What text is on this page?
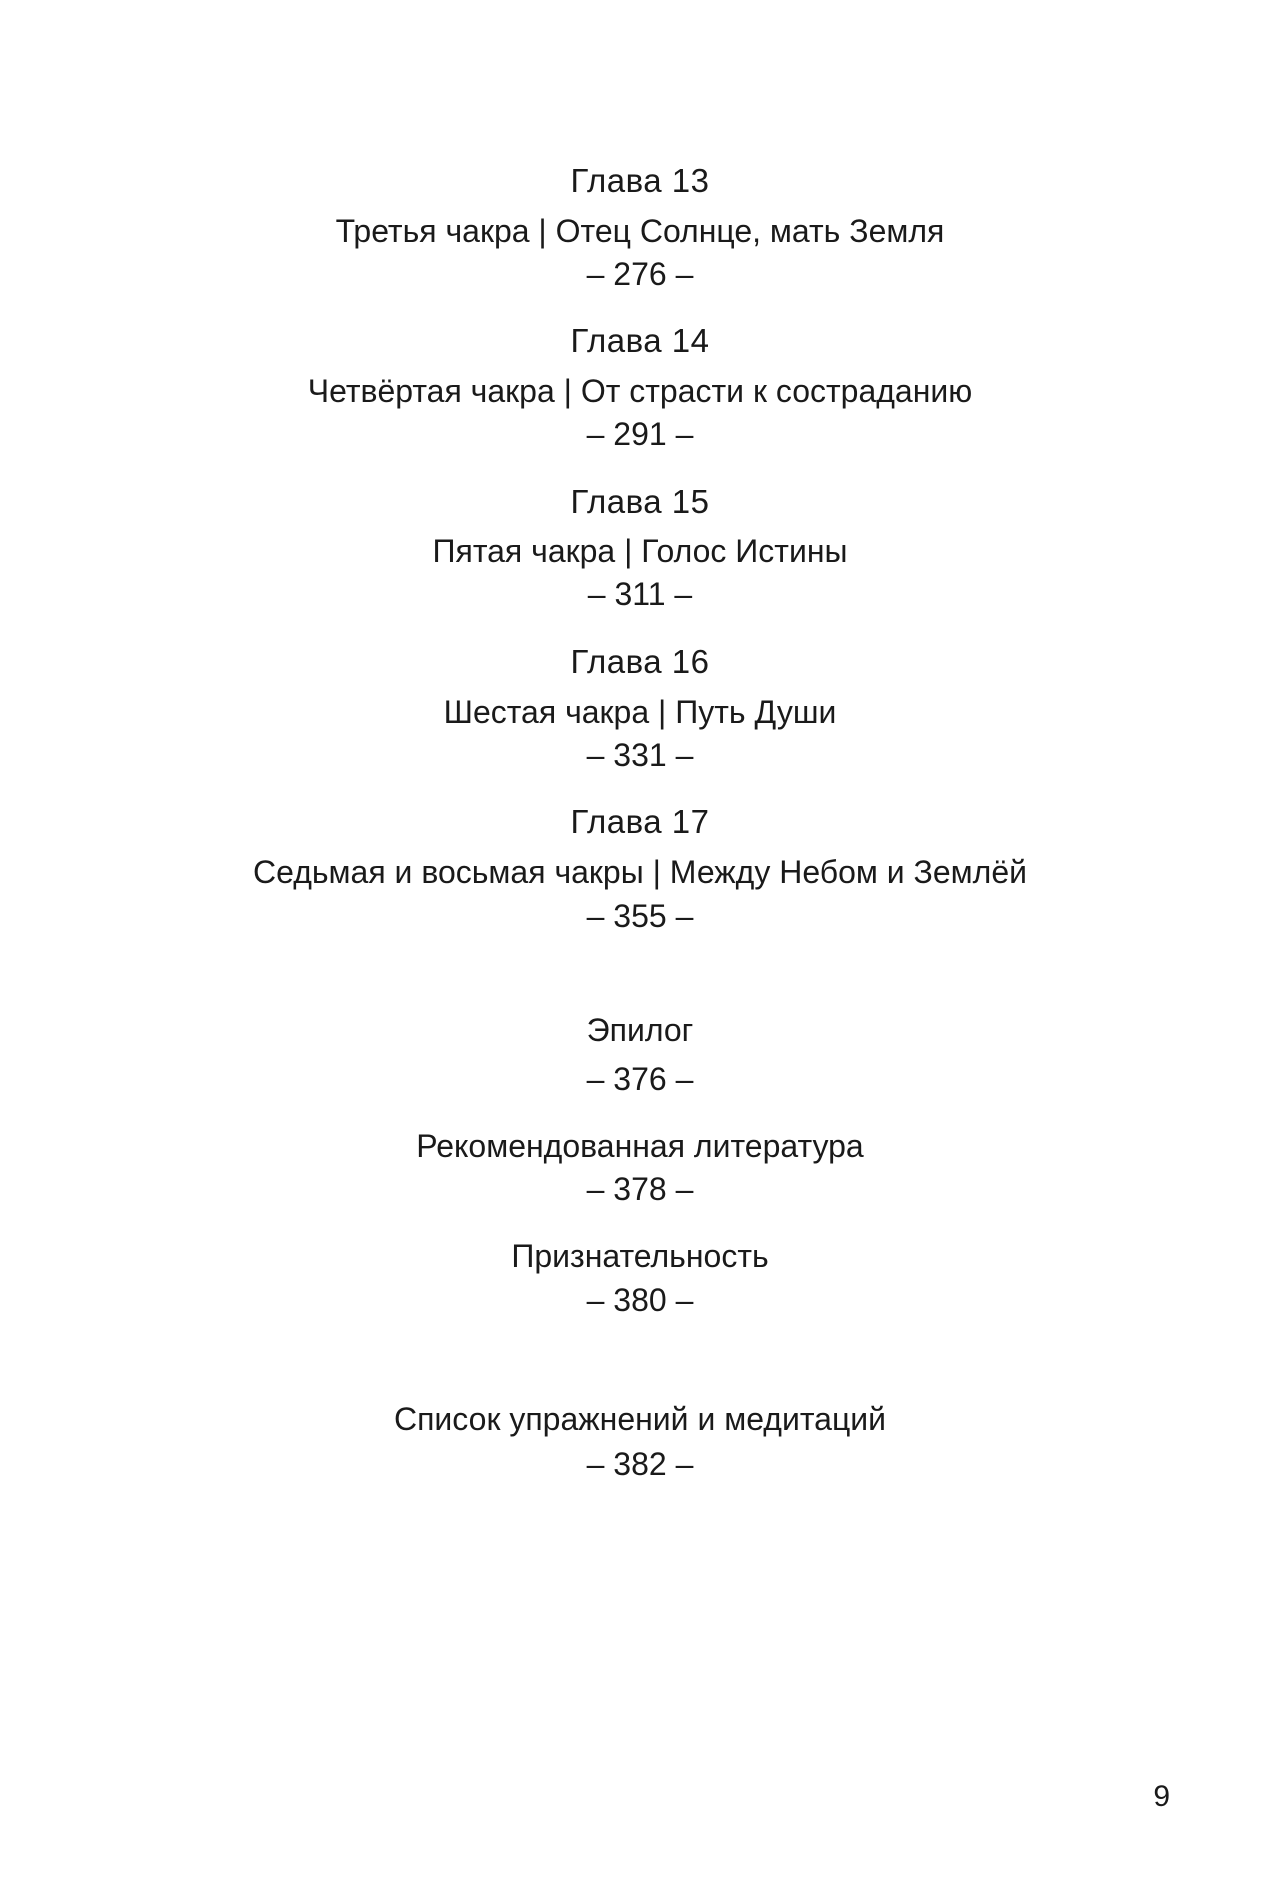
Глава 13
Третья чакра | Отец Солнце, мать Земля
– 276 –
Глава 14
Четвёртая чакра | От страсти к состраданию
– 291 –
Глава 15
Пятая чакра | Голос Истины
– 311 –
Глава 16
Шестая чакра | Путь Души
– 331 –
Глава 17
Седьмая и восьмая чакры | Между Небом и Землёй
– 355 –
Эпилог
– 376 –
Рекомендованная литература
– 378 –
Признательность
– 380 –
Список упражнений и медитаций
– 382 –
9
